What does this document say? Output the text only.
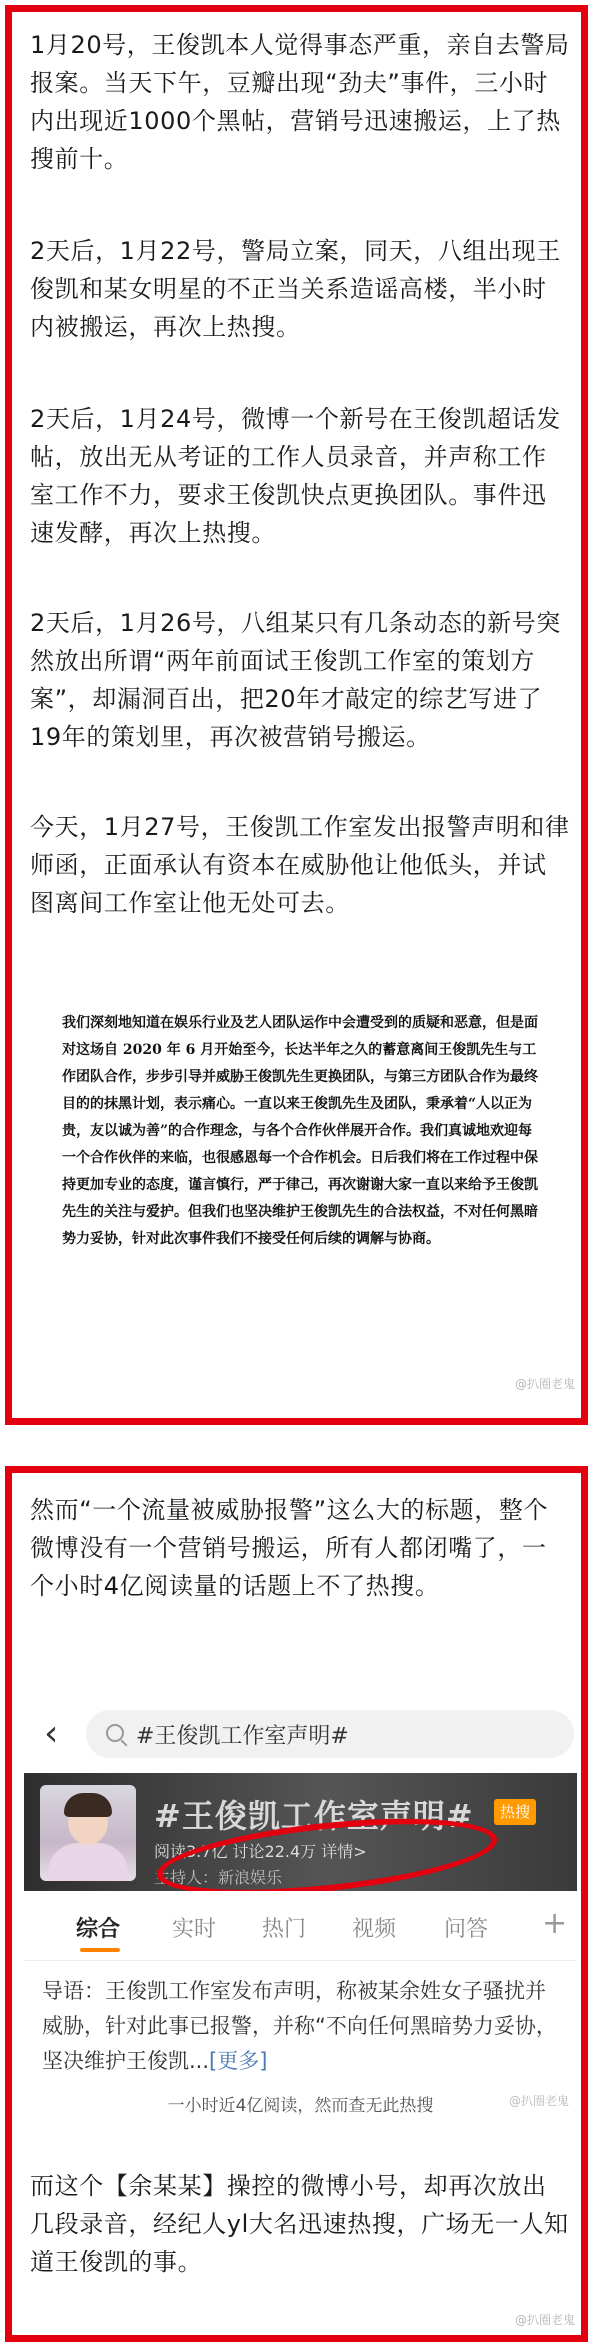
1月20号，王俊凯本人觉得事态严重，亲自去警局报案。当天下午，豆瓣出现“劲夫”事件，三小时内出现近1000个黑帖，营销号迅速搬运，上了热搜前十。

2天后，1月22号，警局立案，同天，八组出现王俊凯和某女明星的不正当关系造谣高楼，半小时内被搬运，再次上热搜。

2天后，1月24号，微博一个新号在王俊凯超话发帖，放出无从考证的工作人员录音，并声称工作室工作不力，要求王俊凯快点更换团队。事件迅速发酵，再次上热搜。

2天后，1月26号，八组某只有几条动态的新号突然放出所谓“两年前面试王俊凯工作室的策划方案”，却漏洞百出，把20年才敲定的综艺写进了19年的策划里，再次被营销号搬运。

今天，1月27号，王俊凯工作室发出报警声明和律师函，正面承认有资本在威胁他让他低头，并试图离间工作室让他无处可去。

我们深刻地知道在娱乐行业及艺人团队运作中会遭受到的质疑和恶意，但是面对这场自 2020 年 6 月开始至今，长达半年之久的蓄意离间王俊凯先生与工作团队合作，步步引导并威胁王俊凯先生更换团队，与第三方团队合作为最终目的的抹黑计划，表示痛心。一直以来王俊凯先生及团队，秉承着“人以正为贵，友以诚为善”的合作理念，与各个合作伙伴展开合作。我们真诚地欢迎每一个合作伙伴的来临，也很感恩每一个合作机会。日后我们将在工作过程中保持更加专业的态度，谨言慎行，严于律己，再次谢谢大家一直以来给予王俊凯先生的关注与爱护。但我们也坚决维护王俊凯先生的合法权益，不对任何黑暗势力妥协，针对此次事件我们不接受任何后续的调解与协商。

@扒圈老鬼

然而“一个流量被威胁报警”这么大的标题，整个微博没有一个营销号搬运，所有人都闭嘴了，一个小时4亿阅读量的话题上不了热搜。

‹	#王俊凯工作室声明#
#王俊凯工作室声明#	热搜
阅读3.7亿 讨论22.4万 详情>
主持人：新浪娱乐
综合 实时 热门 视频 问答 +

导语：王俊凯工作室发布声明，称被某余姓女子骚扰并威胁，针对此事已报警，并称“不向任何黑暗势力妥协，坚决维护王俊凯...[更多]

一小时近4亿阅读，然而查无此热搜	@扒圈老鬼

而这个【余某某】操控的微博小号，却再次放出几段录音，经纪人yl大名迅速热搜，广场无一人知道王俊凯的事。

@扒圈老鬼
